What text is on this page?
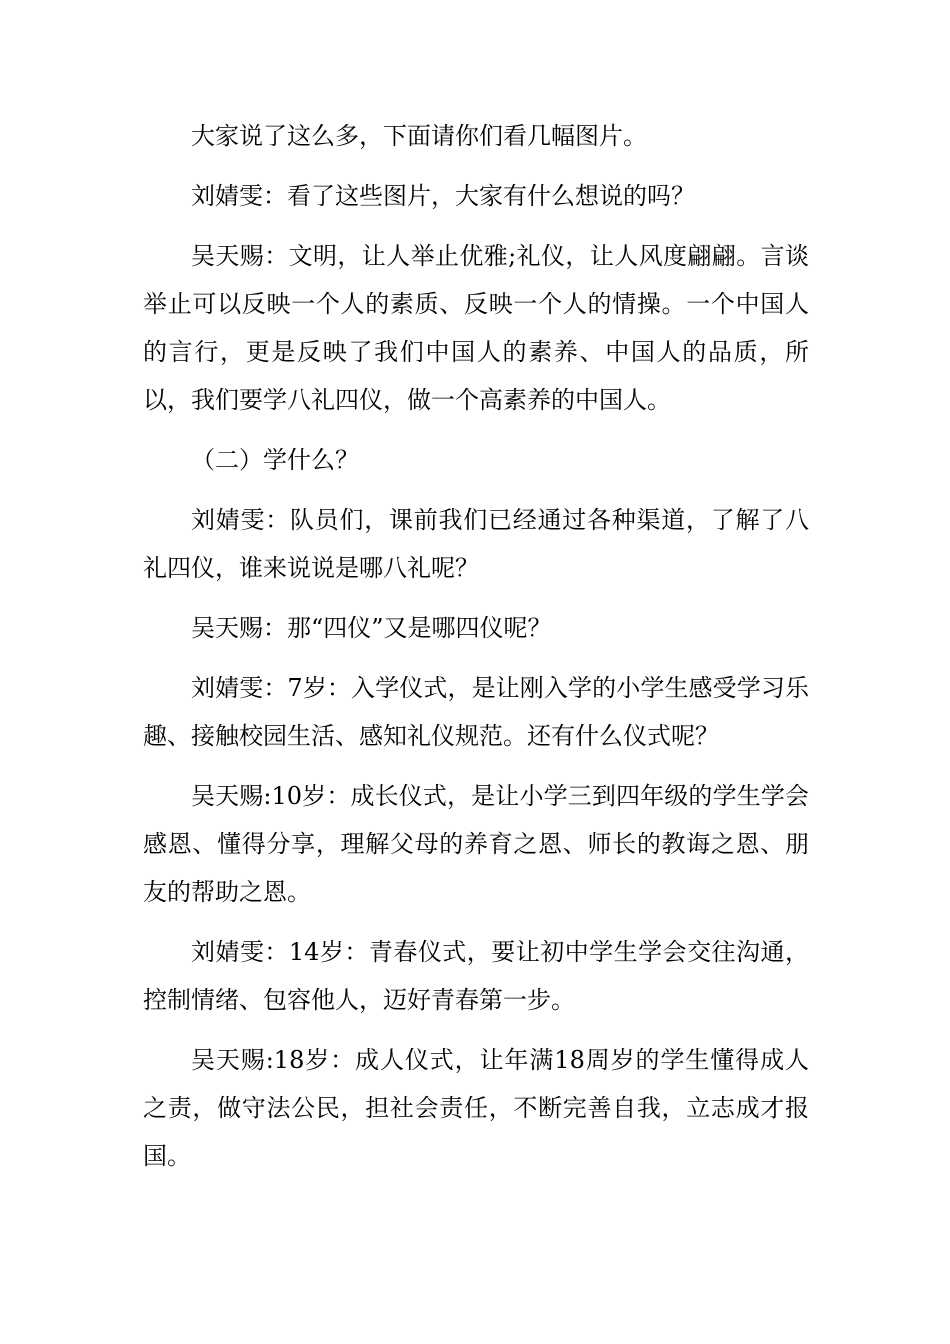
大家说了这么多，下面请你们看几幅图片。

刘婧雯：看了这些图片，大家有什么想说的吗？

吴天赐：文明，让人举止优雅;礼仪，让人风度翩翩。言谈举止可以反映一个人的素质、反映一个人的情操。一个中国人的言行，更是反映了我们中国人的素养、中国人的品质，所以，我们要学八礼四仪，做一个高素养的中国人。

（二）学什么？

刘婧雯：队员们，课前我们已经通过各种渠道，了解了八礼四仪，谁来说说是哪八礼呢？

吴天赐：那“四仪”又是哪四仪呢？

刘婧雯：7岁：入学仪式，是让刚入学的小学生感受学习乐趣、接触校园生活、感知礼仪规范。还有什么仪式呢？

吴天赐:10岁：成长仪式，是让小学三到四年级的学生学会感恩、懂得分享，理解父母的养育之恩、师长的教诲之恩、朋友的帮助之恩。

刘婧雯：14岁：青春仪式，要让初中学生学会交往沟通，控制情绪、包容他人，迈好青春第一步。

吴天赐:18岁：成人仪式，让年满18周岁的学生懂得成人之责，做守法公民，担社会责任，不断完善自我，立志成才报国。
